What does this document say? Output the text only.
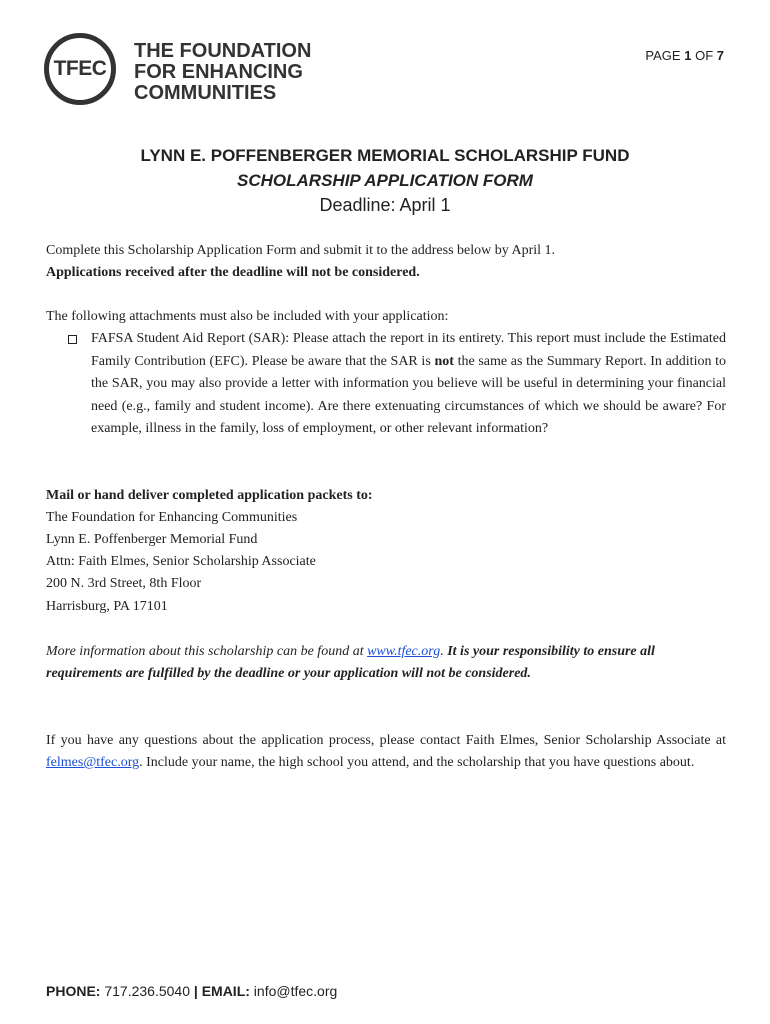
TFEC
THE FOUNDATION
FOR ENHANCING
COMMUNITIES
PAGE 1 OF 7
LYNN E. POFFENBERGER MEMORIAL SCHOLARSHIP FUND
SCHOLARSHIP APPLICATION FORM
Deadline: April 1
Complete this Scholarship Application Form and submit it to the address below by April 1.
Applications received after the deadline will not be considered.
The following attachments must also be included with your application:
FAFSA Student Aid Report (SAR): Please attach the report in its entirety. This report must include the Estimated Family Contribution (EFC). Please be aware that the SAR is not the same as the Summary Report. In addition to the SAR, you may also provide a letter with information you believe will be useful in determining your financial need (e.g., family and student income). Are there extenuating circumstances of which we should be aware? For example, illness in the family, loss of employment, or other relevant information?
Mail or hand deliver completed application packets to:
The Foundation for Enhancing Communities
Lynn E. Poffenberger Memorial Fund
Attn: Faith Elmes, Senior Scholarship Associate
200 N. 3rd Street, 8th Floor
Harrisburg, PA 17101
More information about this scholarship can be found at www.tfec.org. It is your responsibility to ensure all requirements are fulfilled by the deadline or your application will not be considered.
If you have any questions about the application process, please contact Faith Elmes, Senior Scholarship Associate at felmes@tfec.org. Include your name, the high school you attend, and the scholarship that you have questions about.
PHONE: 717.236.5040 | EMAIL: info@tfec.org
